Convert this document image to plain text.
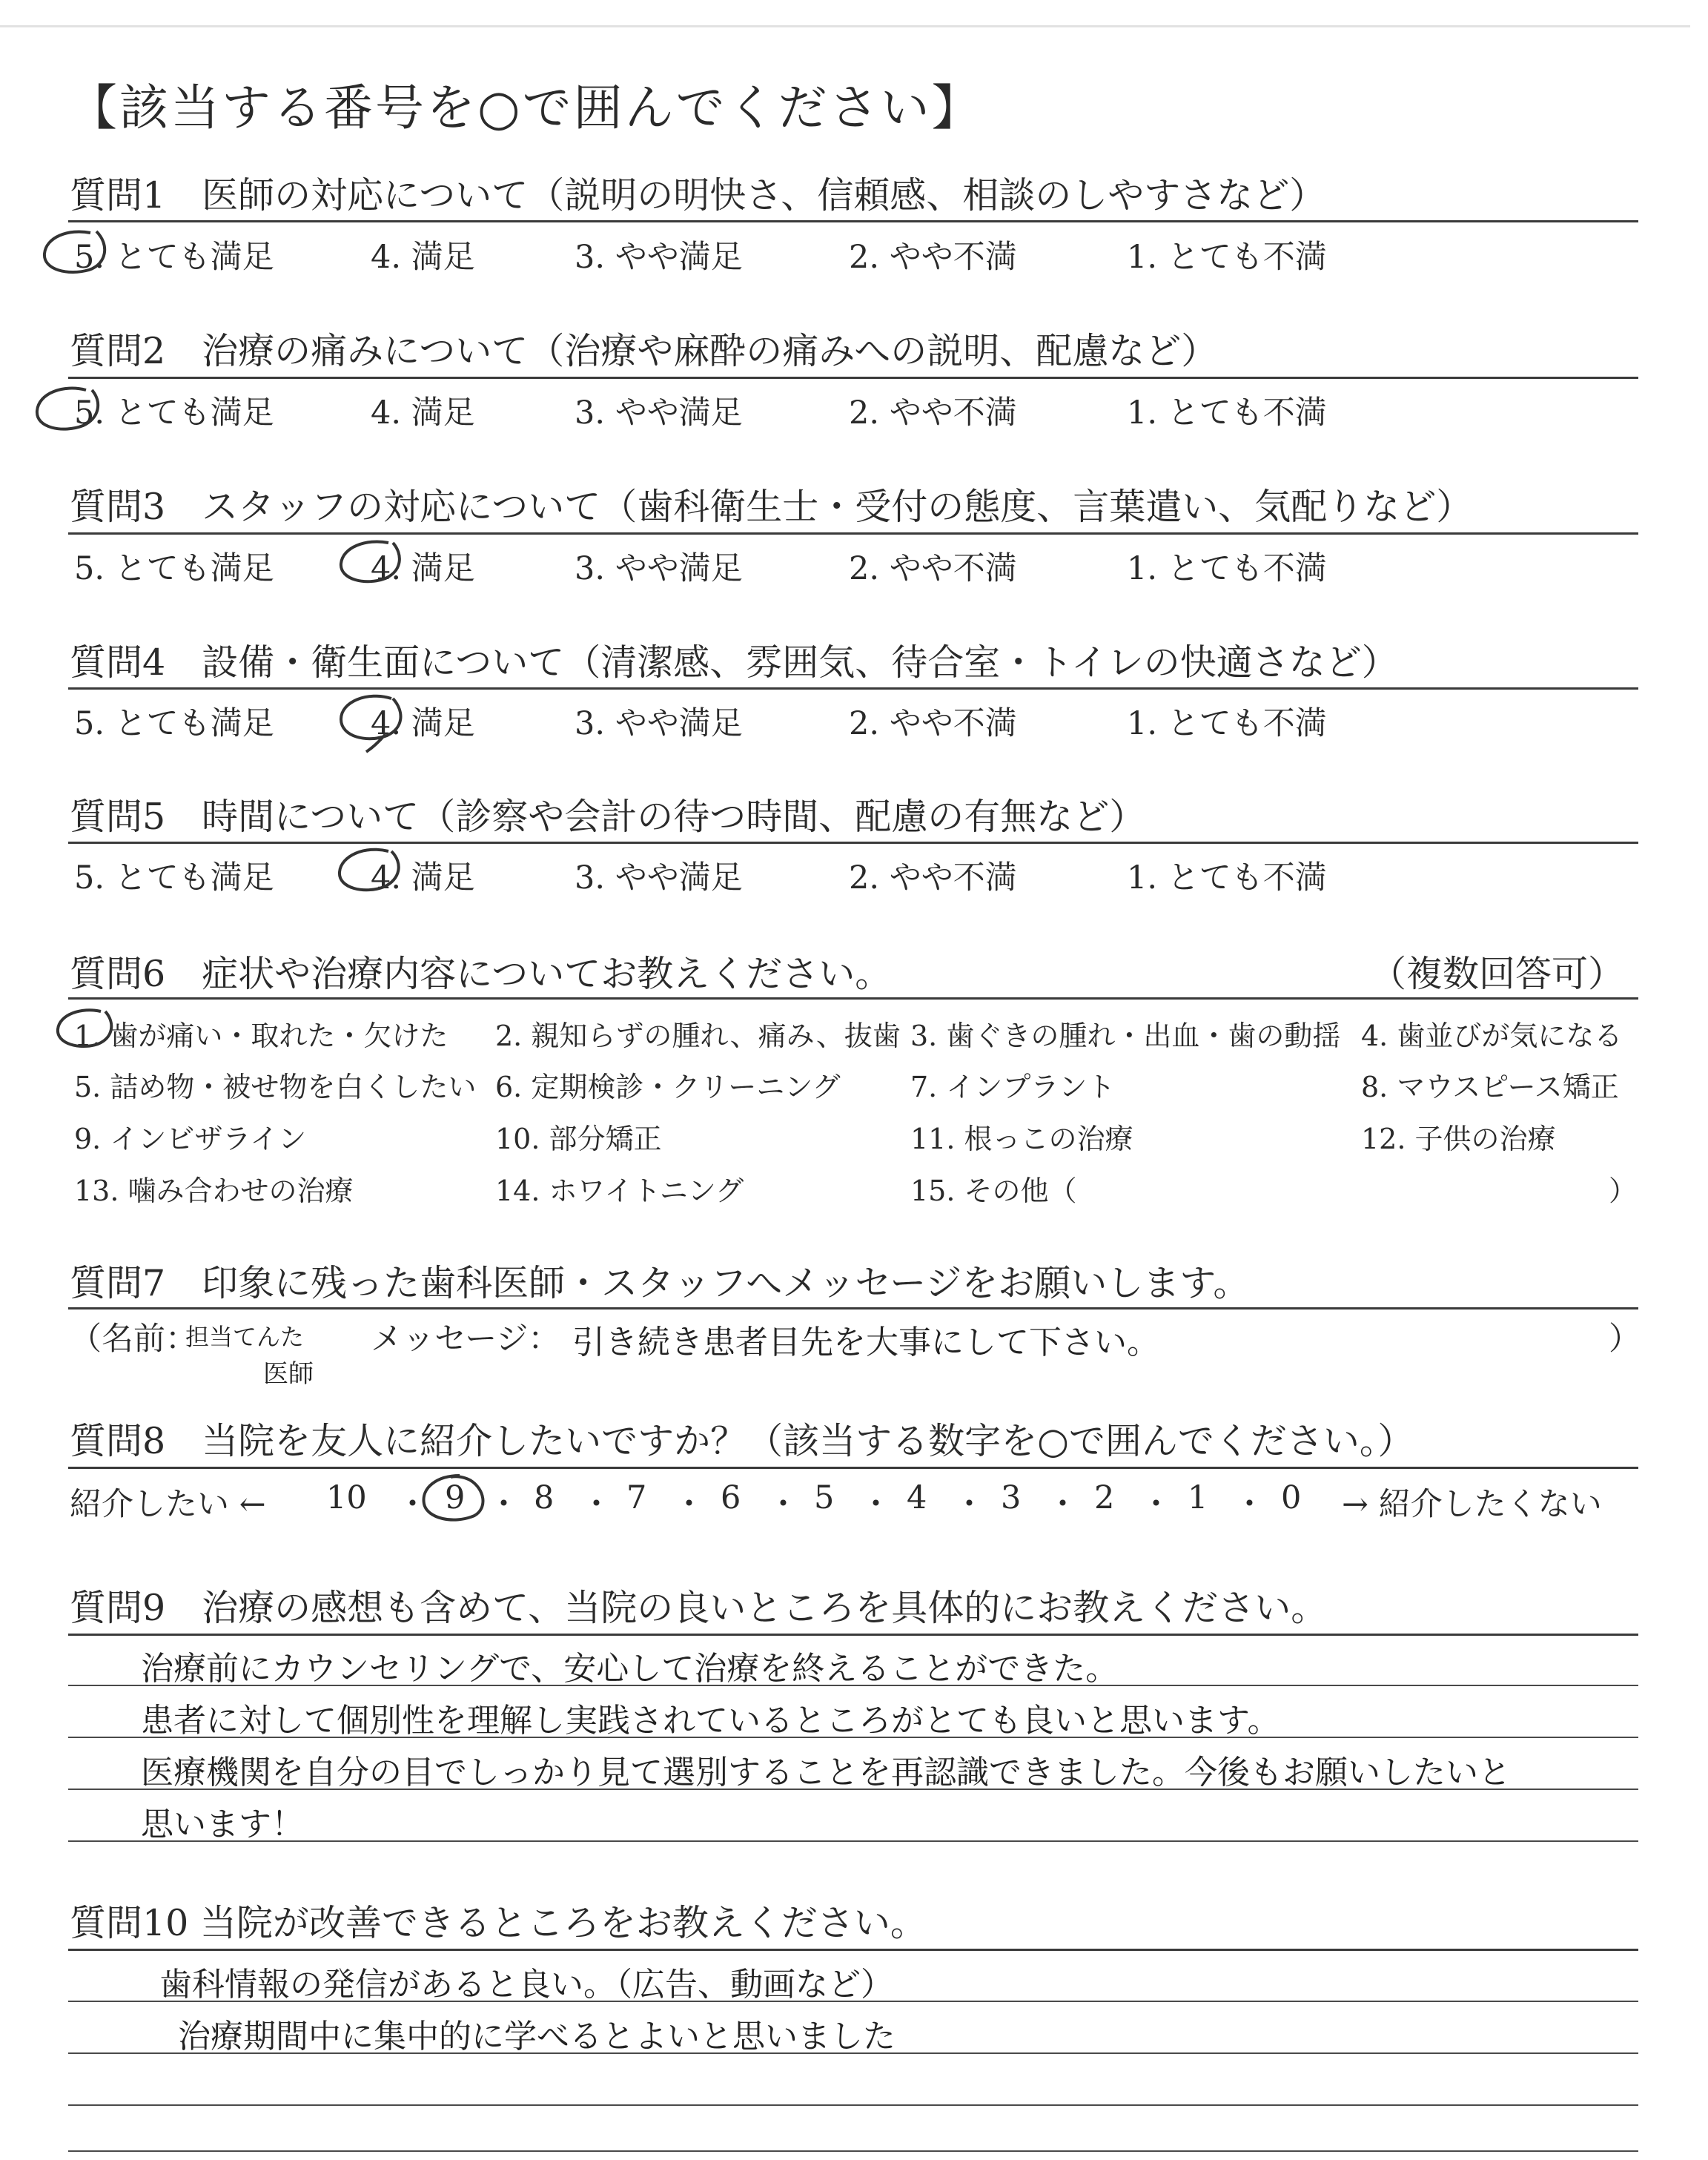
【該当する番号を○で囲んでください】
質問1　医師の対応について（説明の明快さ、信頼感、相談のしやすさなど）
5. とても満足	4. 満足	3. やや満足	2. やや不満	1. とても不満
質問2　治療の痛みについて（治療や麻酔の痛みへの説明、配慮など）
5. とても満足	4. 満足	3. やや満足	2. やや不満	1. とても不満
質問3　スタッフの対応について（歯科衛生士・受付の態度、言葉遣い、気配りなど）
5. とても満足	4. 満足	3. やや満足	2. やや不満	1. とても不満
質問4　設備・衛生面について（清潔感、雰囲気、待合室・トイレの快適さなど）
5. とても満足	4. 満足	3. やや満足	2. やや不満	1. とても不満
質問5　時間について（診察や会計の待つ時間、配慮の有無など）
5. とても満足	4. 満足	3. やや満足	2. やや不満	1. とても不満
質問6　症状や治療内容についてお教えください。	（複数回答可）
1. 歯が痛い・取れた・欠けた 2. 親知らずの腫れ、痛み、抜歯 3. 歯ぐきの腫れ・出血・歯の動揺 4. 歯並びが気になる
5. 詰め物・被せ物を白くしたい 6. 定期検診・クリーニング 7. インプラント	8. マウスピース矯正
9. インビザライン	10. 部分矯正	11. 根っこの治療	12. 子供の治療
13. 噛み合わせの治療	14. ホワイトニング	15. その他（	）
質問7　印象に残った歯科医師・スタッフへメッセージをお願いします。
（名前：
担当てんた
医師
メッセージ： 引き続き患者目先を大事にして下さい。	）
質問8　当院を友人に紹介したいですか？（該当する数字を○で囲んでください。）
紹介したい ← 10 ・ 9 ・ 8 ・ 7 ・ 6 ・ 5 ・ 4 ・ 3 ・ 2 ・ 1 ・ 0 → 紹介したくない
質問9　治療の感想も含めて、当院の良いところを具体的にお教えください。
治療前にカウンセリングで、安心して治療を終えることができた。
患者に対して個別性を理解し実践されているところがとても良いと思います。
医療機関を自分の目でしっかり見て選別することを再認識できました。今後もお願いしたいと
思います！
質問10 当院が改善できるところをお教えください。
歯科情報の発信があると良い。（広告、動画など）
治療期間中に集中的に学べるとよいと思いました
